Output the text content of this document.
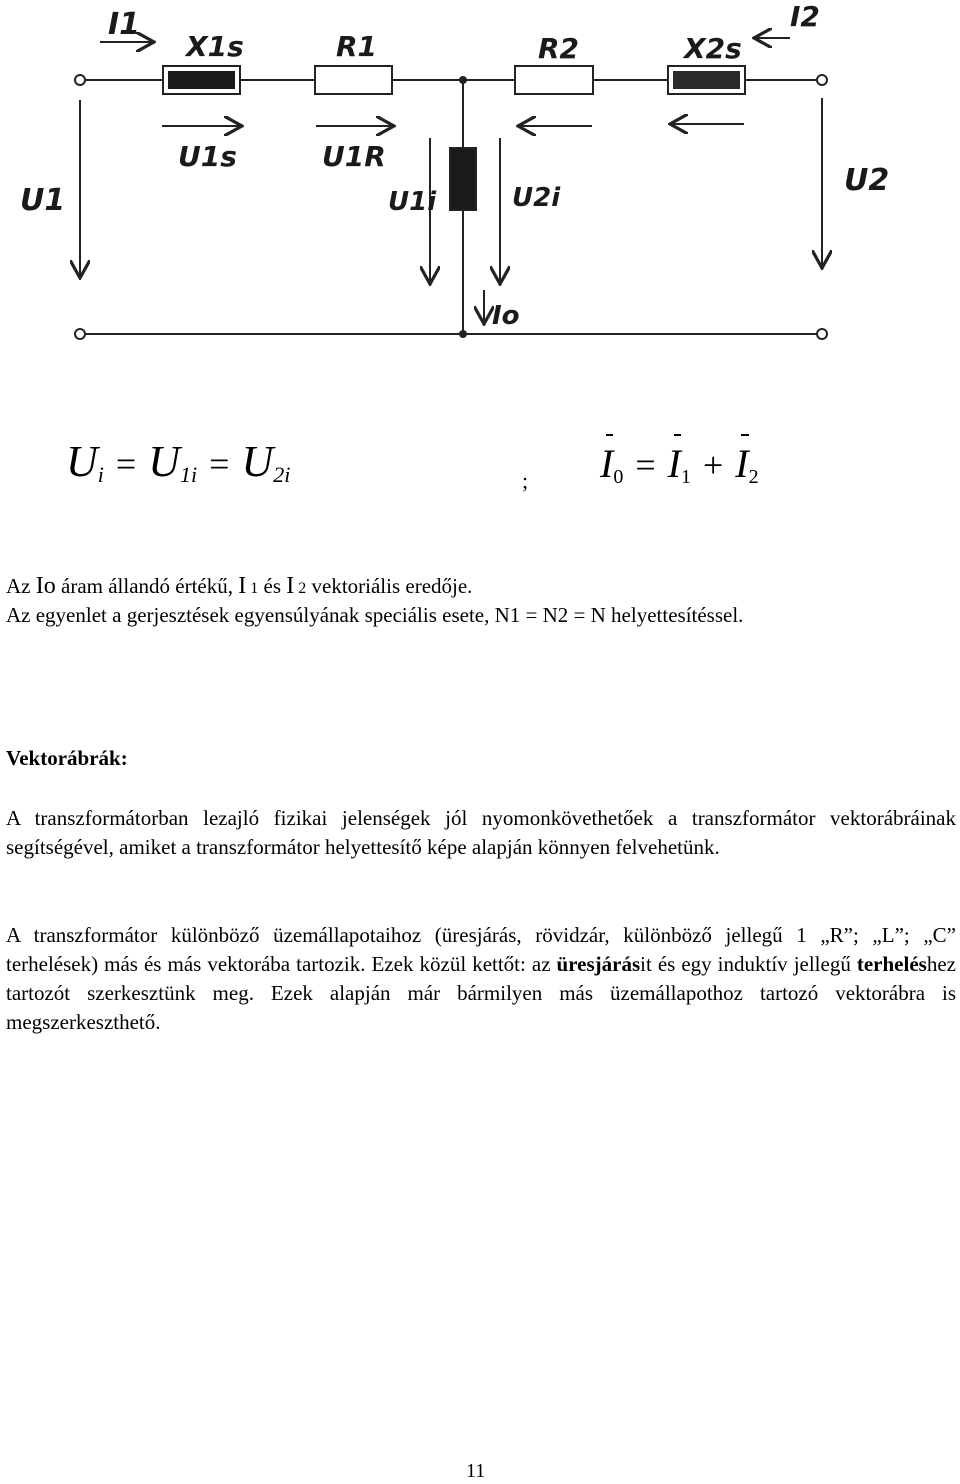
I1
X1s	R1	R2	X2s
I2
U1s	U1R
U1	U1i	U2i	U2
Io
Ui = U1i = U2i	; I0 = I1 + I2

Az Io áram állandó értékű, I 1 és I 2 vektoriális eredője.

Az egyenlet a gerjesztések egyensúlyának speciális esete, N1 = N2 = N helyettesítéssel.

Vektorábrák:

A transzformátorban lezajló fizikai jelenségek jól nyomonkövethetőek a transzformátor vektorábráinak segítségével, amiket a transzformátor helyettesítő képe alapján könnyen felvehetünk.

A transzformátor különböző üzemállapotaihoz (üresjárás, rövidzár, különböző jellegű 1 „R”; „L”; „C” terhelések) más és más vektorába tartozik. Ezek közül kettőt: az üresjárásit és egy induktív jellegű terheléshez tartozót szerkesztünk meg. Ezek alapján már bármilyen más üzemállapothoz tartozó vektorábra is megszerkeszthető.

11
